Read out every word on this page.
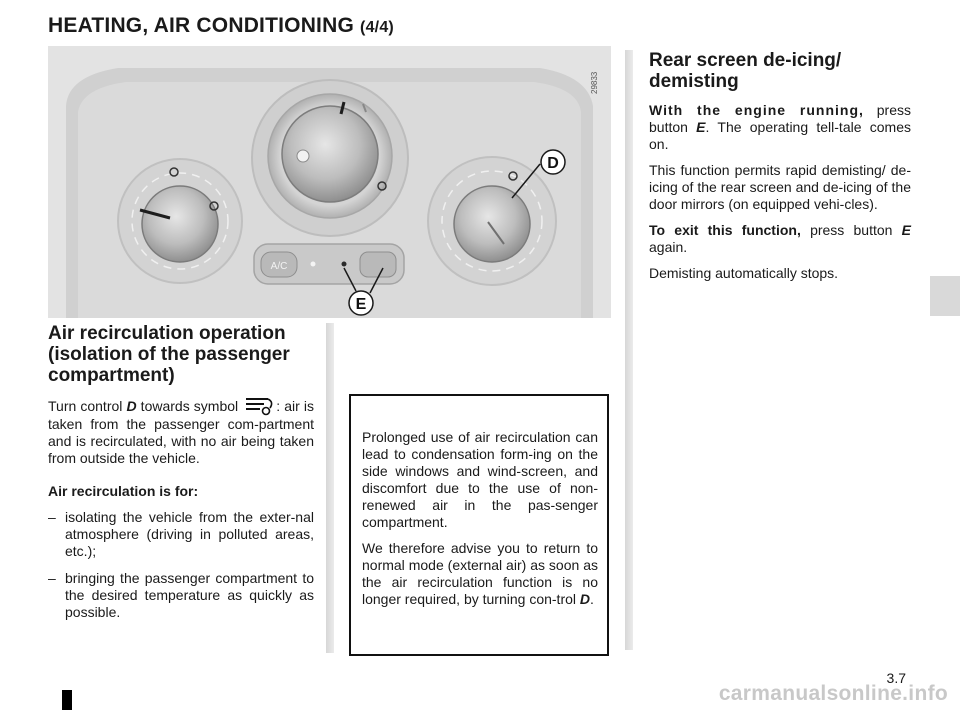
HEATING, AIR CONDITIONING (4/4)
A/C
29833
D
E
Rear screen de-icing/ demisting

With the engine running, press button E. The operating tell-tale comes on.

This function permits rapid demisting/ de-icing of the rear screen and de-icing of the door mirrors (on equipped vehi-cles).

To exit this function, press button E again.

Demisting automatically stops.

Air recirculation operation (isolation of the passenger compartment)

Turn control D towards symbol : air is taken from the passenger com-partment and is recirculated, with no air being taken from outside the vehicle.

Air recirculation is for:

– isolating the vehicle from the exter-nal atmosphere (driving in polluted areas, etc.);
– bringing the passenger compartment to the desired temperature as quickly as possible.

Prolonged use of air recirculation can lead to condensation form-ing on the side windows and wind-screen, and discomfort due to the use of non-renewed air in the pas-senger compartment.

We therefore advise you to return to normal mode (external air) as soon as the air recirculation function is no longer required, by turning con-trol D.

3.7
carmanualsonline.info
